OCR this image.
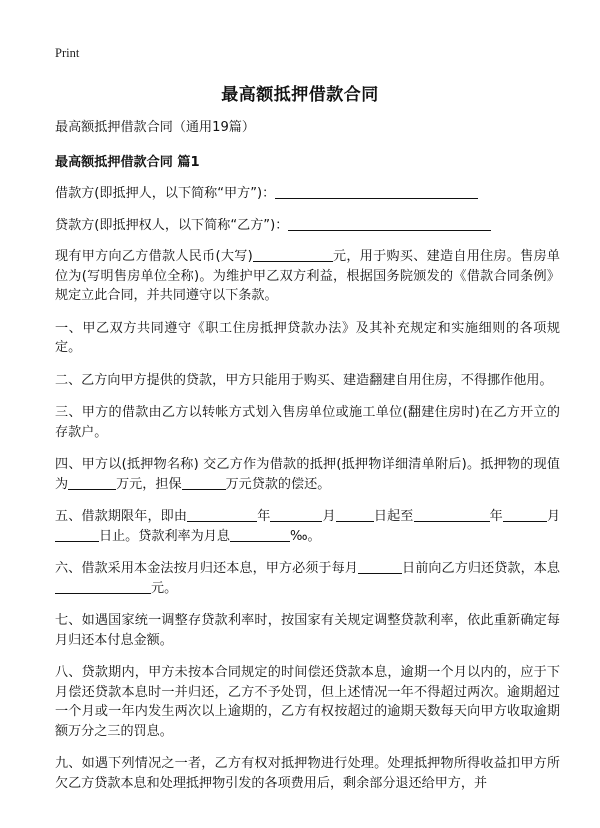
Print
最高额抵押借款合同

最高额抵押借款合同（通用19篇）

最高额抵押借款合同 篇1

借款方(即抵押人，以下简称“甲方”)：

贷款方(即抵押权人，以下简称“乙方”)：

现有甲方向乙方借款人民币(大写)	元，用于购买、建造自用住房。售房单位为(写明售房单位全称)。为维护甲乙双方利益，根据国务院颁发的《借款合同条例》规定立此合同，并共同遵守以下条款。

一、甲乙双方共同遵守《职工住房抵押贷款办法》及其补充规定和实施细则的各项规定。

二、乙方向甲方提供的贷款，甲方只能用于购买、建造翻建自用住房，不得挪作他用。

三、甲方的借款由乙方以转帐方式划入售房单位或施工单位(翻建住房时)在乙方开立的存款户。

四、甲方以(抵押物名称) 交乙方作为借款的抵押(抵押物详细清单附后)。抵押物的现值为	万元，担保	万元贷款的偿还。

五、借款期限年，即由	年	月	日起至	年	月日止。贷款利率为月息	‰。

六、借款采用本金法按月归还本息，甲方必须于每月	日前向乙方归还贷款，本息元。

七、如遇国家统一调整存贷款利率时，按国家有关规定调整贷款利率，依此重新确定每月归还本付息金额。

八、贷款期内，甲方未按本合同规定的时间偿还贷款本息，逾期一个月以内的，应于下月偿还贷款本息时一并归还，乙方不予处罚，但上述情况一年不得超过两次。逾期超过一个月或一年内发生两次以上逾期的，乙方有权按超过的逾期天数每天向甲方收取逾期额万分之三的罚息。

九、如遇下列情况之一者，乙方有权对抵押物进行处理。处理抵押物所得收益扣甲方所欠乙方贷款本息和处理抵押物引发的各项费用后，剩余部分退还给甲方，并
